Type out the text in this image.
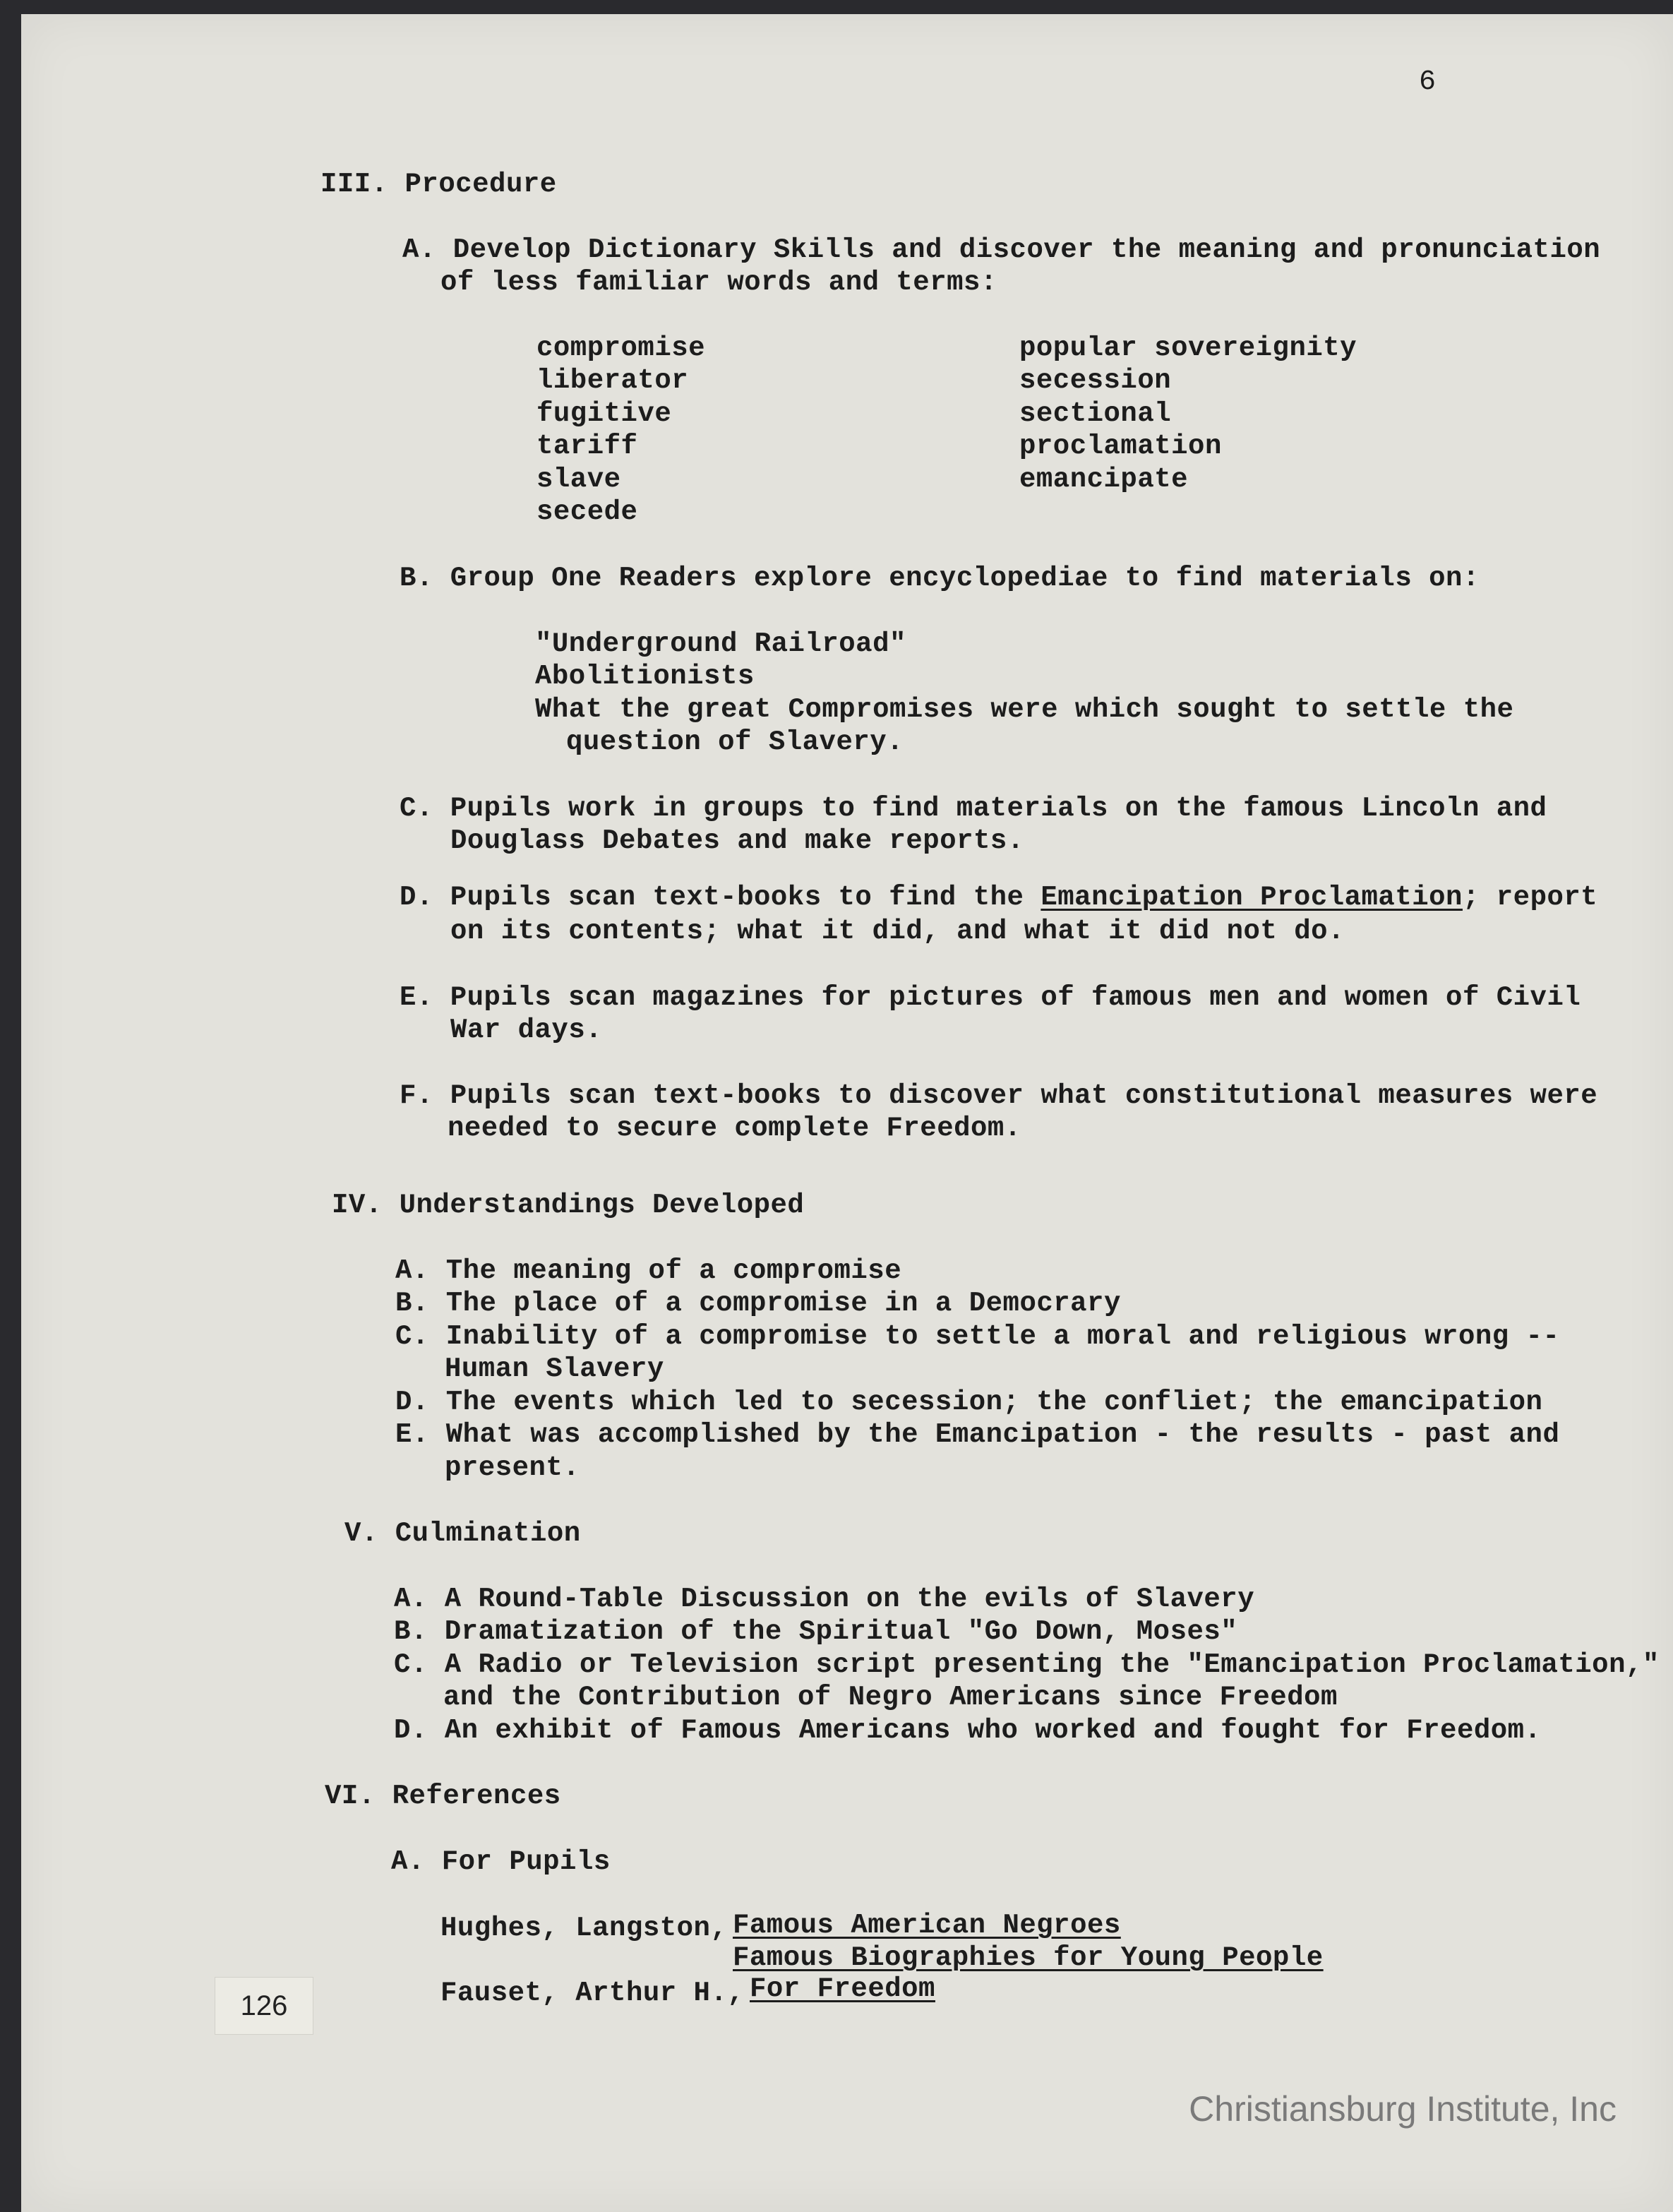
6
III. Procedure
A. Develop Dictionary Skills and discover the meaning and pronunciation
of less familiar words and terms:
compromise
liberator
fugitive
tariff
slave
secede
popular sovereignity
secession
sectional
proclamation
emancipate
B. Group One Readers explore encyclopediae to find materials on:
"Underground Railroad"
Abolitionists
What the great Compromises were which sought to settle the
question of Slavery.
C. Pupils work in groups to find materials on the famous Lincoln and
Douglass Debates and make reports.
D. Pupils scan text-books to find the Emancipation Proclamation; report
on its contents; what it did, and what it did not do.
E. Pupils scan magazines for pictures of famous men and women of Civil
War days.
F. Pupils scan text-books to discover what constitutional measures were
needed to secure complete Freedom.
IV. Understandings Developed
A. The meaning of a compromise
B. The place of a compromise in a Democrary
C. Inability of a compromise to settle a moral and religious wrong --
Human Slavery
D. The events which led to secession; the confliet; the emancipation
E. What was accomplished by the Emancipation - the results - past and
present.
V. Culmination
A. A Round-Table Discussion on the evils of Slavery
B. Dramatization of the Spiritual "Go Down, Moses"
C. A Radio or Television script presenting the "Emancipation Proclamation,"
and the Contribution of Negro Americans since Freedom
D. An exhibit of Famous Americans who worked and fought for Freedom.
VI. References
A. For Pupils
Hughes, Langston, Famous American Negroes
Famous Biographies for Young People
Fauset, Arthur H., For Freedom
126
Christiansburg Institute, Inc
